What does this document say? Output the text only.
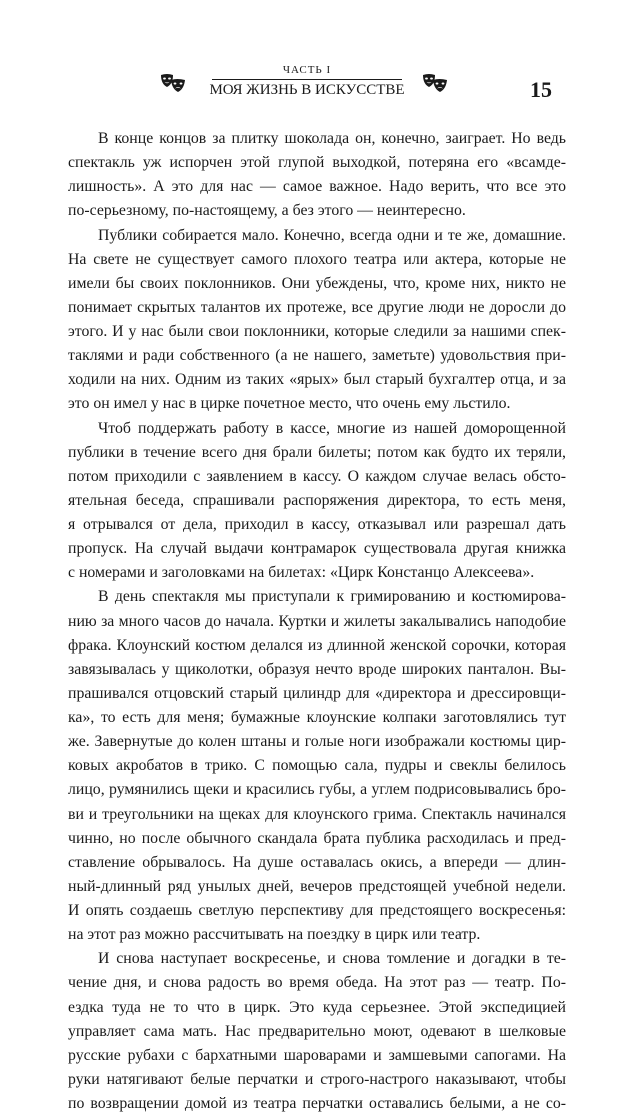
ЧАСТЬ I
МОЯ ЖИЗНЬ В ИСКУССТВЕ	15
В конце концов за плитку шоколада он, конечно, заиграет. Но ведь
спектакль уж испорчен этой глупой выходкой, потеряна его «всамде-
лишность». А это для нас — самое важное. Надо верить, что все это
по-серьезному, по-настоящему, а без этого — неинтересно.
Публики собирается мало. Конечно, всегда одни и те же, домашние.
На свете не существует самого плохого театра или актера, которые не
имели бы своих поклонников. Они убеждены, что, кроме них, никто не
понимает скрытых талантов их протеже, все другие люди не доросли до
этого. И у нас были свои поклонники, которые следили за нашими спек-
таклями и ради собственного (а не нашего, заметьте) удовольствия при-
ходили на них. Одним из таких «ярых» был старый бухгалтер отца, и за
это он имел у нас в цирке почетное место, что очень ему льстило.
Чтоб поддержать работу в кассе, многие из нашей доморощенной
публики в течение всего дня брали билеты; потом как будто их теряли,
потом приходили с заявлением в кассу. О каждом случае велась обсто-
ятельная беседа, спрашивали распоряжения директора, то есть меня,
я отрывался от дела, приходил в кассу, отказывал или разрешал дать
пропуск. На случай выдачи контрамарок существовала другая книжка
с номерами и заголовками на билетах: «Цирк Констанцо Алексеева».
В день спектакля мы приступали к гримированию и костюмирова-
нию за много часов до начала. Куртки и жилеты закалывались наподобие
фрака. Клоунский костюм делался из длинной женской сорочки, которая
завязывалась у щиколотки, образуя нечто вроде широких панталон. Вы-
прашивался отцовский старый цилиндр для «директора и дрессировщи-
ка», то есть для меня; бумажные клоунские колпаки заготовлялись тут
же. Завернутые до колен штаны и голые ноги изображали костюмы цир-
ковых акробатов в трико. С помощью сала, пудры и свеклы белилось
лицо, румянились щеки и красились губы, а углем подрисовывались бро-
ви и треугольники на щеках для клоунского грима. Спектакль начинался
чинно, но после обычного скандала брата публика расходилась и пред-
ставление обрывалось. На душе оставалась окись, а впереди — длин-
ный-длинный ряд унылых дней, вечеров предстоящей учебной недели.
И опять создаешь светлую перспективу для предстоящего воскресенья:
на этот раз можно рассчитывать на поездку в цирк или театр.
И снова наступает воскресенье, и снова томление и догадки в те-
чение дня, и снова радость во время обеда. На этот раз — театр. По-
ездка туда не то что в цирк. Это куда серьезнее. Этой экспедицией
управляет сама мать. Нас предварительно моют, одевают в шелковые
русские рубахи с бархатными шароварами и замшевыми сапогами. На
руки натягивают белые перчатки и строго-настрого наказывают, чтобы
по возвращении домой из театра перчатки оставались белыми, а не со-
